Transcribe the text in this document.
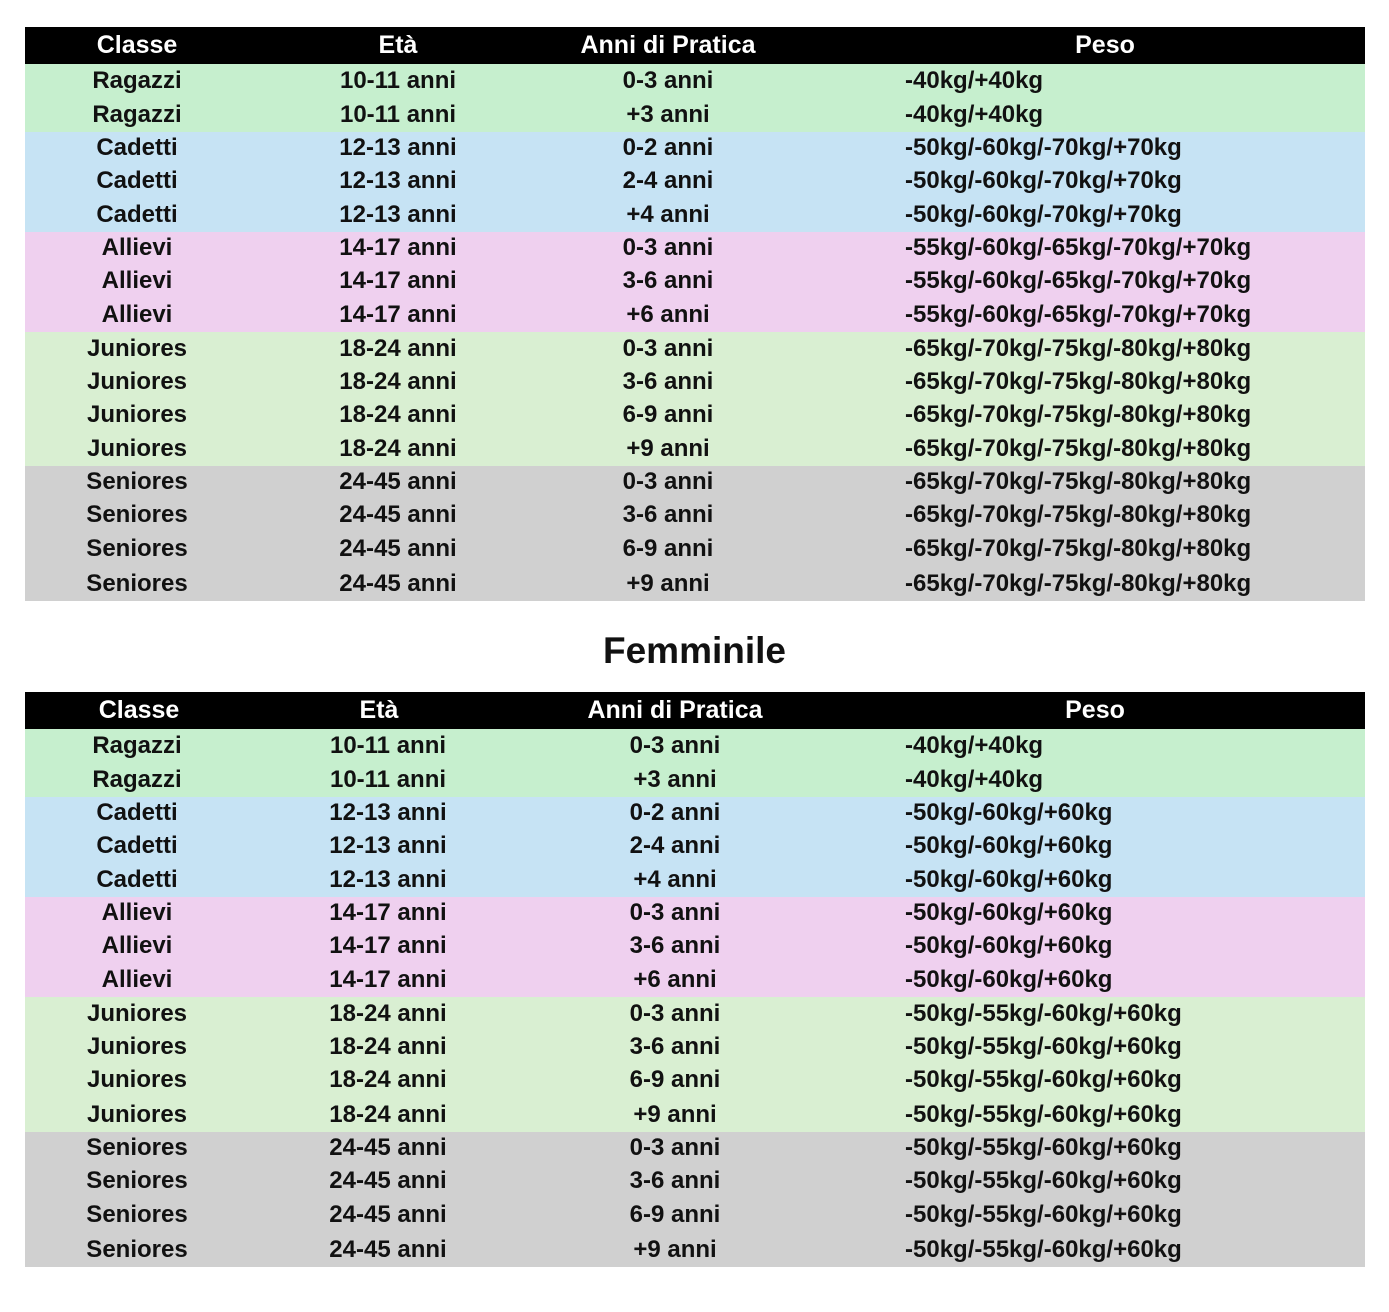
Classe	Età	Anni di Pratica	Peso
Ragazzi	10-11 anni	0-3 anni	-40kg/+40kg
Ragazzi	10-11 anni	+3 anni	-40kg/+40kg
Cadetti	12-13 anni	0-2 anni	-50kg/-60kg/-70kg/+70kg
Cadetti	12-13 anni	2-4 anni	-50kg/-60kg/-70kg/+70kg
Cadetti	12-13 anni	+4 anni	-50kg/-60kg/-70kg/+70kg
Allievi	14-17 anni	0-3 anni	-55kg/-60kg/-65kg/-70kg/+70kg
Allievi	14-17 anni	3-6 anni	-55kg/-60kg/-65kg/-70kg/+70kg
Allievi	14-17 anni	+6 anni	-55kg/-60kg/-65kg/-70kg/+70kg
Juniores	18-24 anni	0-3 anni	-65kg/-70kg/-75kg/-80kg/+80kg
Juniores	18-24 anni	3-6 anni	-65kg/-70kg/-75kg/-80kg/+80kg
Juniores	18-24 anni	6-9 anni	-65kg/-70kg/-75kg/-80kg/+80kg
Juniores	18-24 anni	+9 anni	-65kg/-70kg/-75kg/-80kg/+80kg
Seniores	24-45 anni	0-3 anni	-65kg/-70kg/-75kg/-80kg/+80kg
Seniores	24-45 anni	3-6 anni	-65kg/-70kg/-75kg/-80kg/+80kg
Seniores	24-45 anni	6-9 anni	-65kg/-70kg/-75kg/-80kg/+80kg
Seniores	24-45 anni	+9 anni	-65kg/-70kg/-75kg/-80kg/+80kg
Femminile
Classe	Età	Anni di Pratica	Peso
Ragazzi	10-11 anni	0-3 anni	-40kg/+40kg
Ragazzi	10-11 anni	+3 anni	-40kg/+40kg
Cadetti	12-13 anni	0-2 anni	-50kg/-60kg/+60kg
Cadetti	12-13 anni	2-4 anni	-50kg/-60kg/+60kg
Cadetti	12-13 anni	+4 anni	-50kg/-60kg/+60kg
Allievi	14-17 anni	0-3 anni	-50kg/-60kg/+60kg
Allievi	14-17 anni	3-6 anni	-50kg/-60kg/+60kg
Allievi	14-17 anni	+6 anni	-50kg/-60kg/+60kg
Juniores	18-24 anni	0-3 anni	-50kg/-55kg/-60kg/+60kg
Juniores	18-24 anni	3-6 anni	-50kg/-55kg/-60kg/+60kg
Juniores	18-24 anni	6-9 anni	-50kg/-55kg/-60kg/+60kg
Juniores	18-24 anni	+9 anni	-50kg/-55kg/-60kg/+60kg
Seniores	24-45 anni	0-3 anni	-50kg/-55kg/-60kg/+60kg
Seniores	24-45 anni	3-6 anni	-50kg/-55kg/-60kg/+60kg
Seniores	24-45 anni	6-9 anni	-50kg/-55kg/-60kg/+60kg
Seniores	24-45 anni	+9 anni	-50kg/-55kg/-60kg/+60kg
